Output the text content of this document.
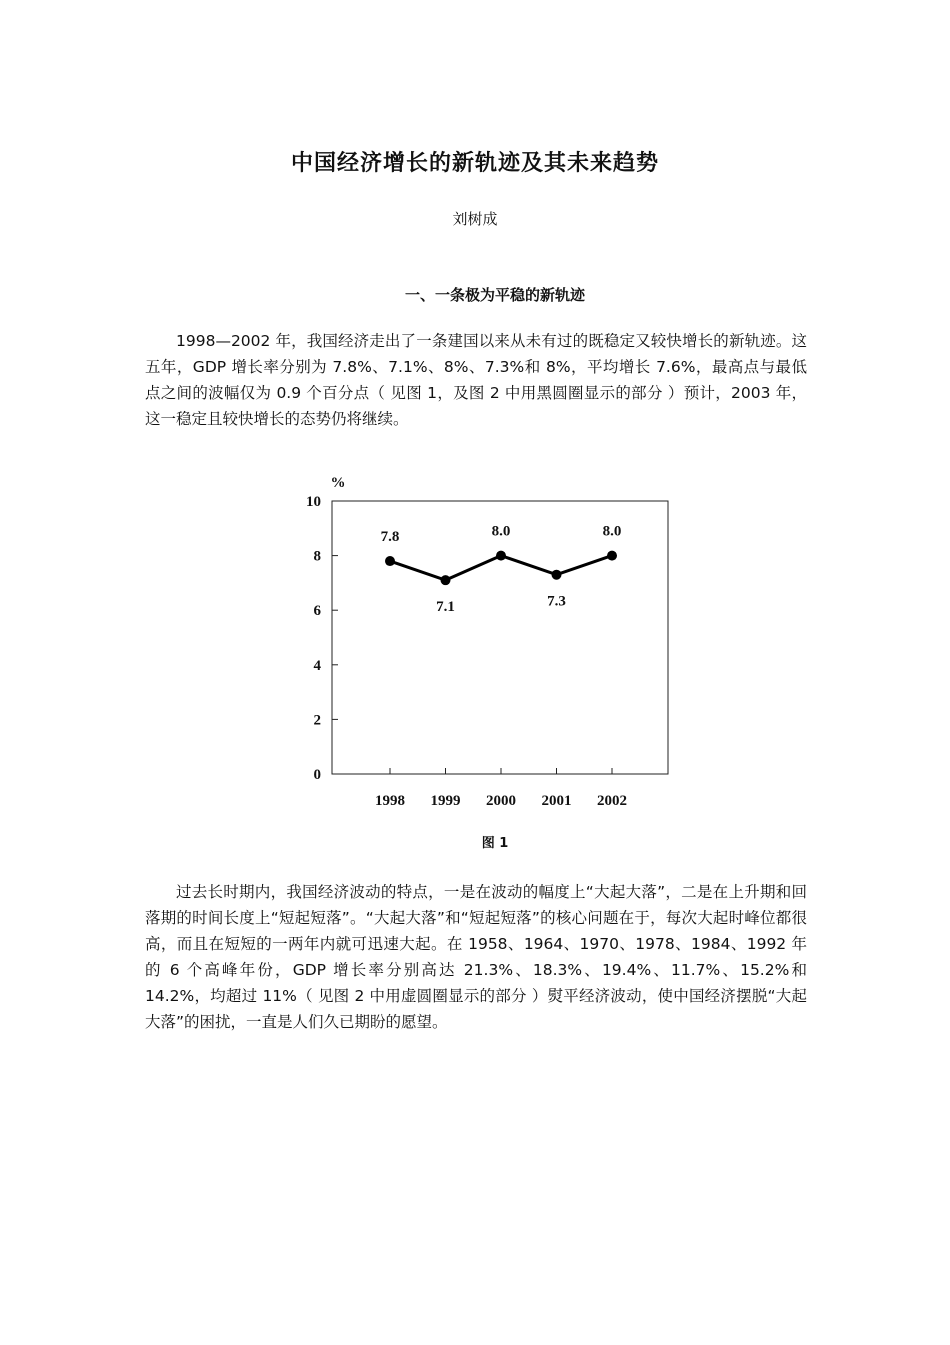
中国经济增长的新轨迹及其未来趋势
刘树成
一、一条极为平稳的新轨迹

1998—2002 年，我国经济走出了一条建国以来从未有过的既稳定又较快增长的新轨迹。这五年，GDP 增长率分别为 7.8%、7.1%、8%、7.3%和 8%，平均增长 7.6%，最高点与最低点之间的波幅仅为 0.9 个百分点（ 见图 1，及图 2 中用黑圆圈显示的部分 ）预计，2003 年，这一稳定且较快增长的态势仍将继续。

0
2
4
6
8
10
%
1998 1999 2000 2001 2002
7.8
7.1
8.0
7.3
8.0
图 1

过去长时期内，我国经济波动的特点，一是在波动的幅度上“大起大落”，二是在上升期和回落期的时间长度上“短起短落”。“大起大落”和“短起短落”的核心问题在于，每次大起时峰位都很高，而且在短短的一两年内就可迅速大起。在 1958、1964、1970、1978、1984、1992 年的 6 个高峰年份，GDP 增长率分别高达 21.3%、18.3%、19.4%、11.7%、15.2%和 14.2%，均超过 11%（ 见图 2 中用虚圆圈显示的部分 ）熨平经济波动，使中国经济摆脱“大起大落”的困扰，一直是人们久已期盼的愿望。
